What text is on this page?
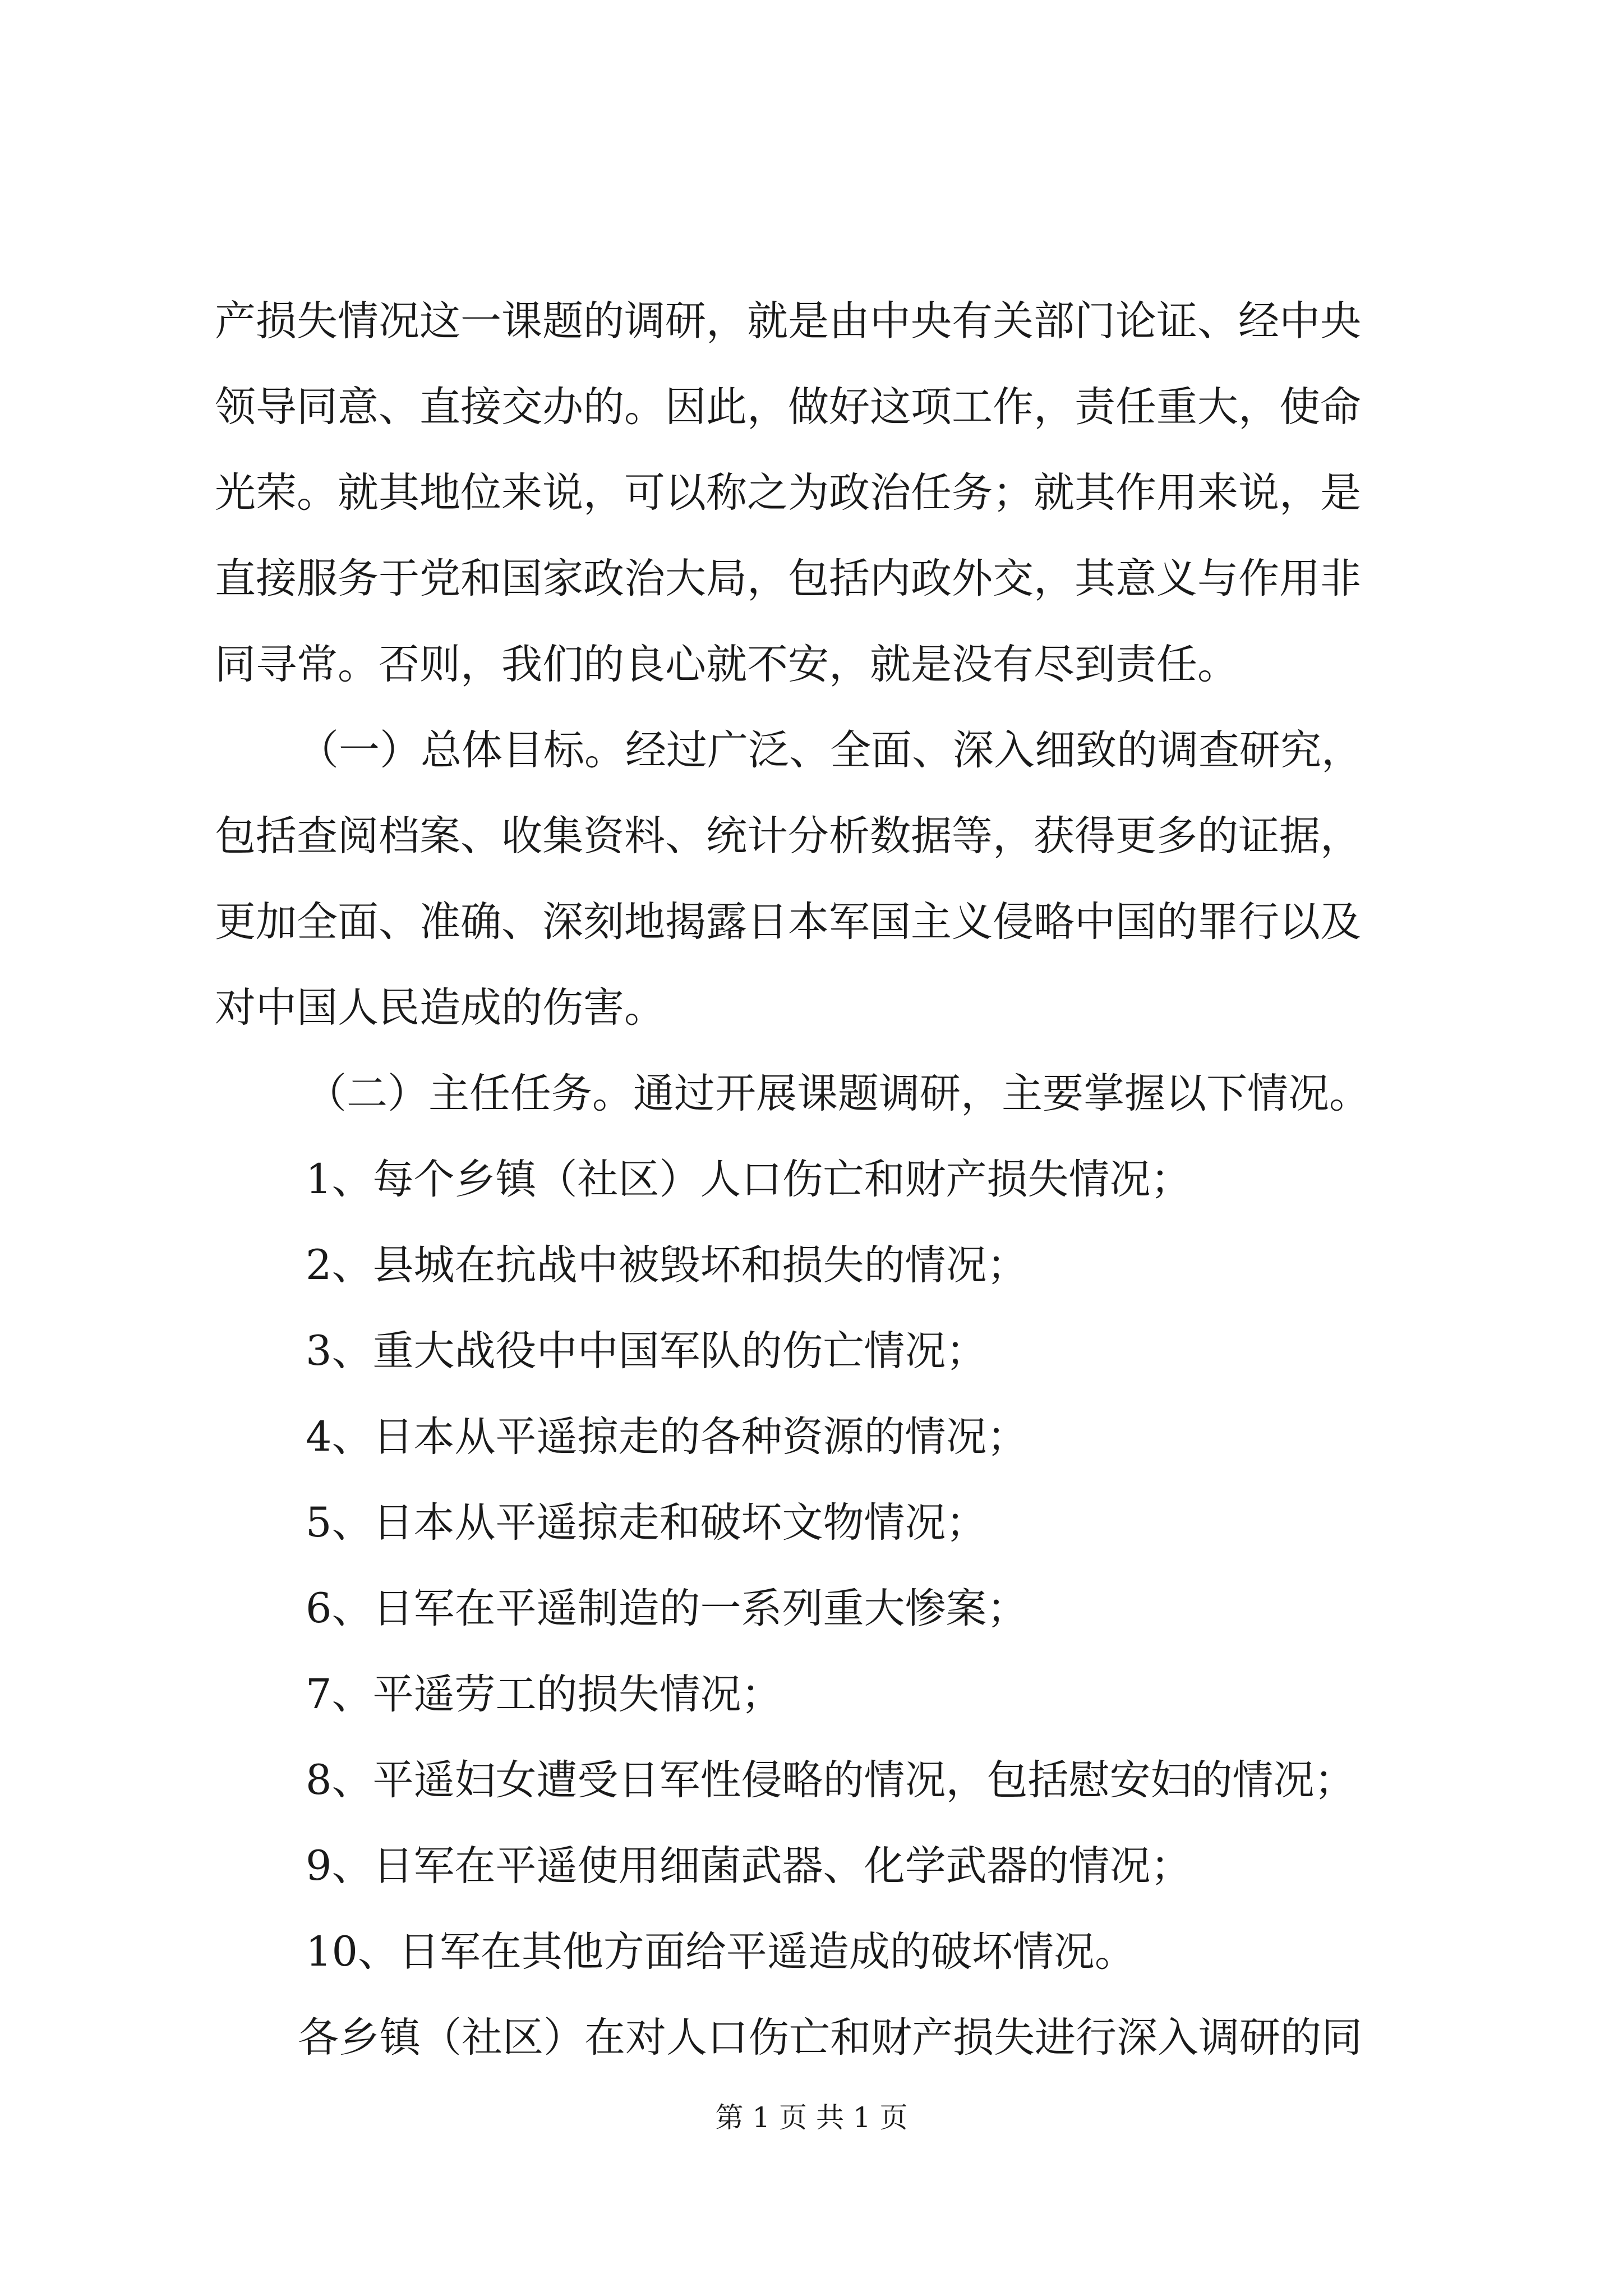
产损失情况这一课题的调研，就是由中央有关部门论证、经中央
领导同意、直接交办的。因此，做好这项工作，责任重大，使命
光荣。就其地位来说，可以称之为政治任务；就其作用来说，是
直接服务于党和国家政治大局，包括内政外交，其意义与作用非
同寻常。否则，我们的良心就不安，就是没有尽到责任。
（一）总体目标。经过广泛、全面、深入细致的调查研究，
包括查阅档案、收集资料、统计分析数据等，获得更多的证据，
更加全面、准确、深刻地揭露日本军国主义侵略中国的罪行以及
对中国人民造成的伤害。
（二）主任任务。通过开展课题调研，主要掌握以下情况。
1、每个乡镇（社区）人口伤亡和财产损失情况；
2、县城在抗战中被毁坏和损失的情况；
3、重大战役中中国军队的伤亡情况；
4、日本从平遥掠走的各种资源的情况；
5、日本从平遥掠走和破坏文物情况；
6、日军在平遥制造的一系列重大惨案；
7、平遥劳工的损失情况；
8、平遥妇女遭受日军性侵略的情况，包括慰安妇的情况；
9、日军在平遥使用细菌武器、化学武器的情况；
10、日军在其他方面给平遥造成的破坏情况。
各乡镇（社区）在对人口伤亡和财产损失进行深入调研的同
第 1 页 共 1 页
